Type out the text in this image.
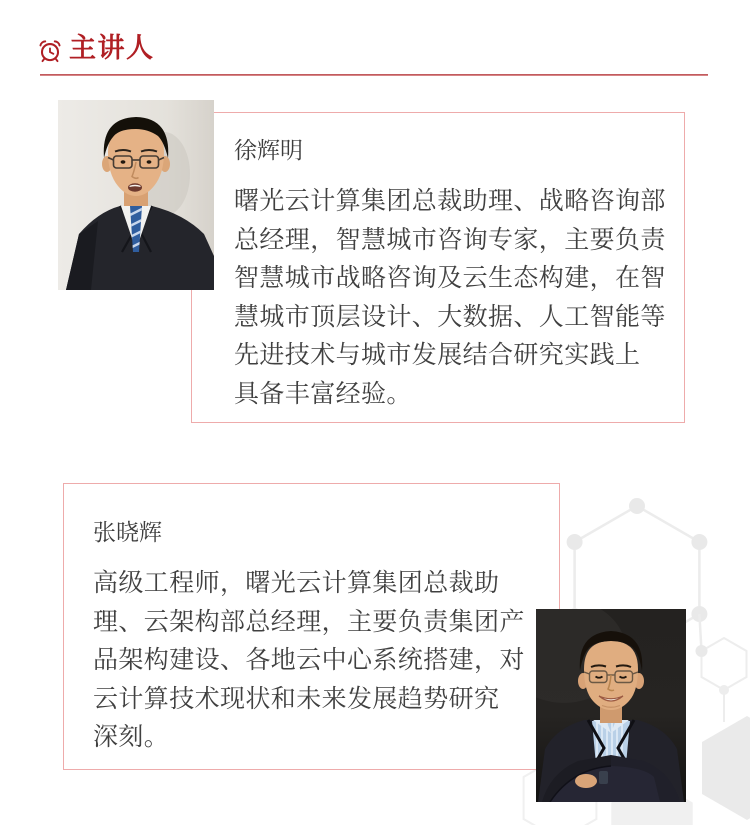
主讲人
徐辉明
曙光云计算集团总裁助理、战略咨询部
总经理，智慧城市咨询专家，主要负责
智慧城市战略咨询及云生态构建，在智
慧城市顶层设计、大数据、人工智能等
先进技术与城市发展结合研究实践上
具备丰富经验。
张晓辉
高级工程师，曙光云计算集团总裁助
理、云架构部总经理，主要负责集团产
品架构建设、各地云中心系统搭建，对
云计算技术现状和未来发展趋势研究
深刻。
